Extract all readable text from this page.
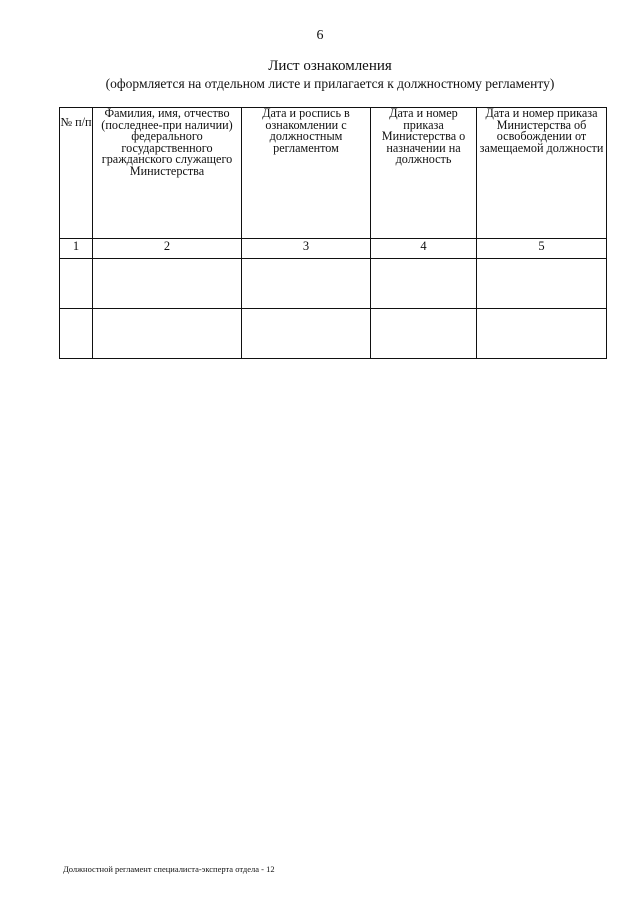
6
Лист ознакомления
(оформляется на отдельном листе и прилагается к должностному регламенту)
№ п/п	Фамилия, имя, отчество (последнее-при наличии) федерального государственного гражданского служащего Министерства	Дата и роспись в ознакомлении с должностным регламентом	Дата и номер приказа Министерства о назначении на должность	Дата и номер приказа Министерства об освобождении от замещаемой должности
1	2	3	4	5

Должностной регламент специалиста-эксперта отдела - 12
